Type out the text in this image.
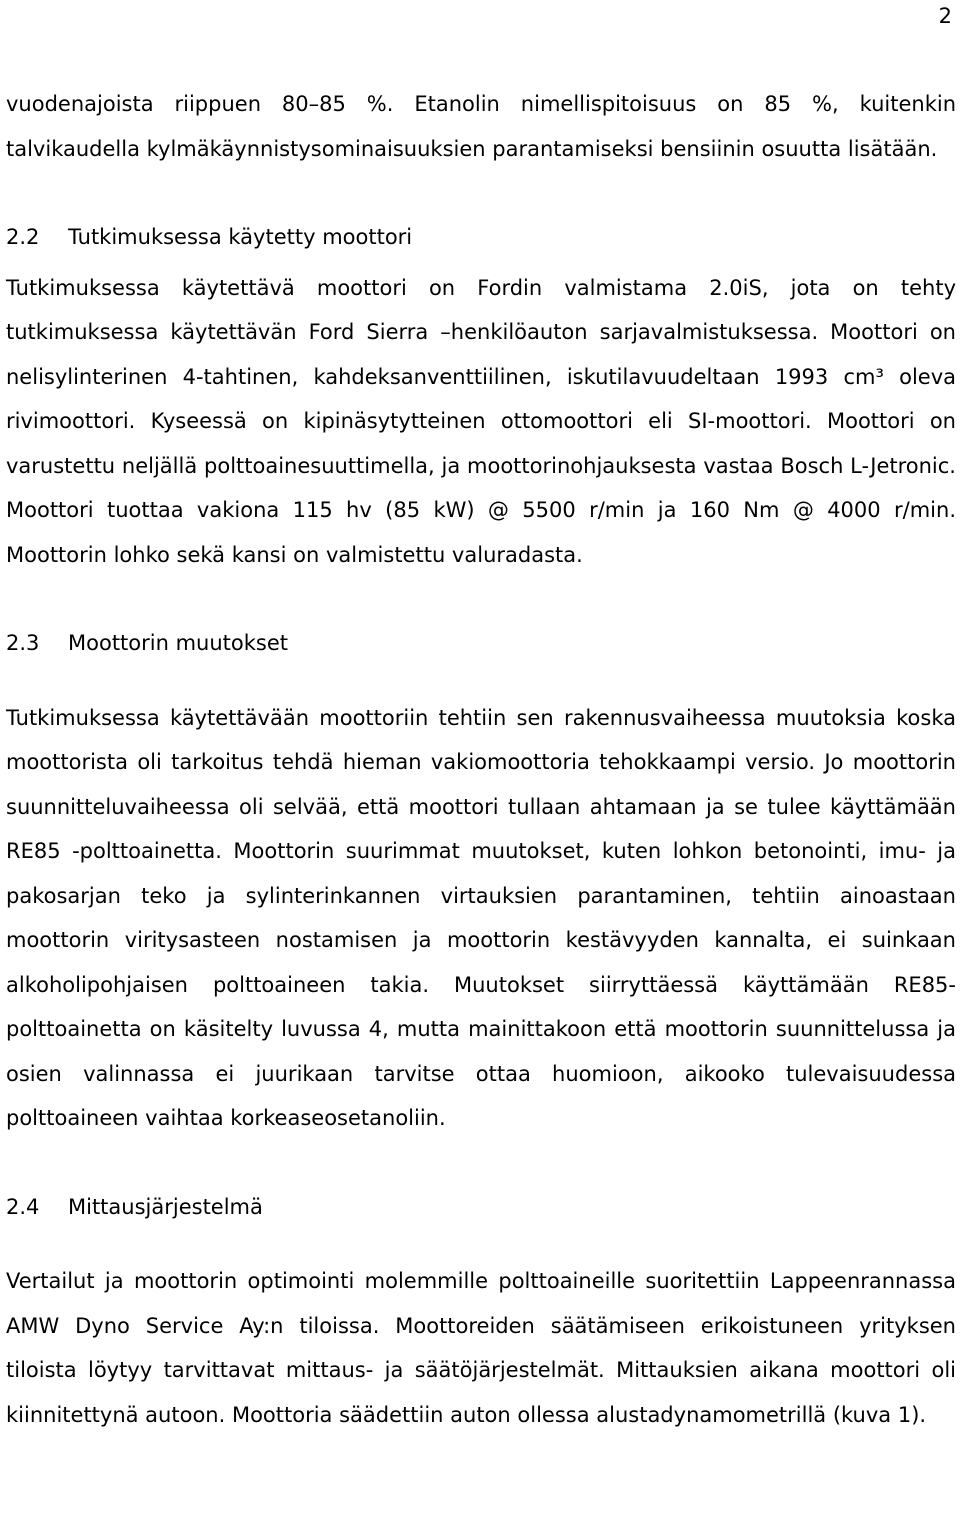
2

vuodenajoista riippuen 80–85 %. Etanolin nimellispitoisuus on 85 %, kuitenkin talvikaudella kylmäkäynnistysominaisuuksien parantamiseksi bensiinin osuutta lisätään.

2.2 Tutkimuksessa käytetty moottori

Tutkimuksessa käytettävä moottori on Fordin valmistama 2.0iS, jota on tehty tutkimuksessa käytettävän Ford Sierra –henkilöauton sarjavalmistuksessa. Moottori on nelisylinterinen 4-tahtinen, kahdeksanventtiilinen, iskutilavuudeltaan 1993 cm³ oleva rivimoottori. Kyseessä on kipinäsytytteinen ottomoottori eli SI-moottori. Moottori on varustettu neljällä polttoainesuuttimella, ja moottorinohjauksesta vastaa Bosch L-Jetronic. Moottori tuottaa vakiona 115 hv (85 kW) @ 5500 r/min ja 160 Nm @ 4000 r/min. Moottorin lohko sekä kansi on valmistettu valuradasta.

2.3 Moottorin muutokset

Tutkimuksessa käytettävään moottoriin tehtiin sen rakennusvaiheessa muutoksia koska moottorista oli tarkoitus tehdä hieman vakiomoottoria tehokkaampi versio. Jo moottorin suunnitteluvaiheessa oli selvää, että moottori tullaan ahtamaan ja se tulee käyttämään RE85 -polttoainetta. Moottorin suurimmat muutokset, kuten lohkon betonointi, imu- ja pakosarjan teko ja sylinterinkannen virtauksien parantaminen, tehtiin ainoastaan moottorin viritysasteen nostamisen ja moottorin kestävyyden kannalta, ei suinkaan alkoholipohjaisen polttoaineen takia. Muutokset siirryttäessä käyttämään RE85-polttoainetta on käsitelty luvussa 4, mutta mainittakoon että moottorin suunnittelussa ja osien valinnassa ei juurikaan tarvitse ottaa huomioon, aikooko tulevaisuudessa polttoaineen vaihtaa korkeaseosetanoliin.

2.4 Mittausjärjestelmä

Vertailut ja moottorin optimointi molemmille polttoaineille suoritettiin Lappeenrannassa AMW Dyno Service Ay:n tiloissa. Moottoreiden säätämiseen erikoistuneen yrityksen tiloista löytyy tarvittavat mittaus- ja säätöjärjestelmät. Mittauksien aikana moottori oli kiinnitettynä autoon. Moottoria säädettiin auton ollessa alustadynamometrillä (kuva 1).
